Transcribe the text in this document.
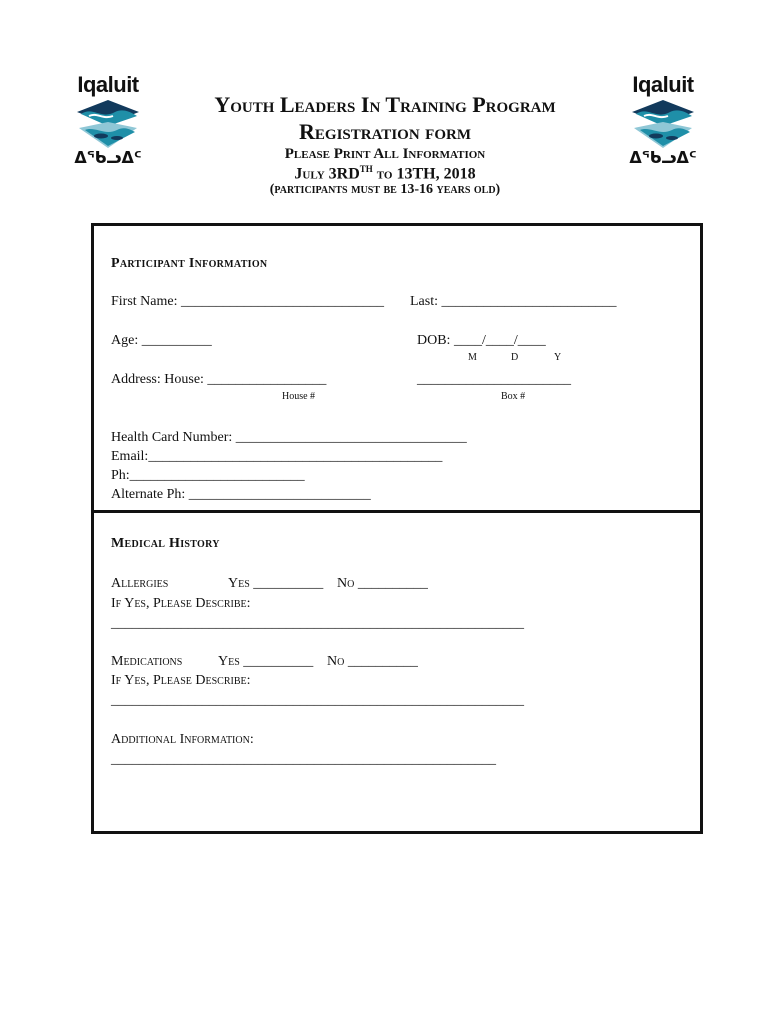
Iqaluit
ᐃᖃᓗᐃᑦ
Iqaluit
ᐃᖃᓗᐃᑦ
Youth Leaders In Training Program
Registration form
Please Print All Information
July $3RD^{TH}$ to 13TH, 2018
(participants must be 13-16 years old)
Participant Information
First Name: _____________________________ Last: _________________________
Age: __________	DOB: ____/____/____
M	D	Y
Address: House: _________________	______________________
House #	Box #
Health Card Number: _________________________________
Email:__________________________________________
Ph:_________________________
Alternate Ph: __________________________
Medical History
Allergies	Yes __________ No __________
If Yes, Please Describe:
___________________________________________________________
Medications	Yes __________ No __________
If Yes, Please Describe:
___________________________________________________________
Additional Information:
_______________________________________________________
